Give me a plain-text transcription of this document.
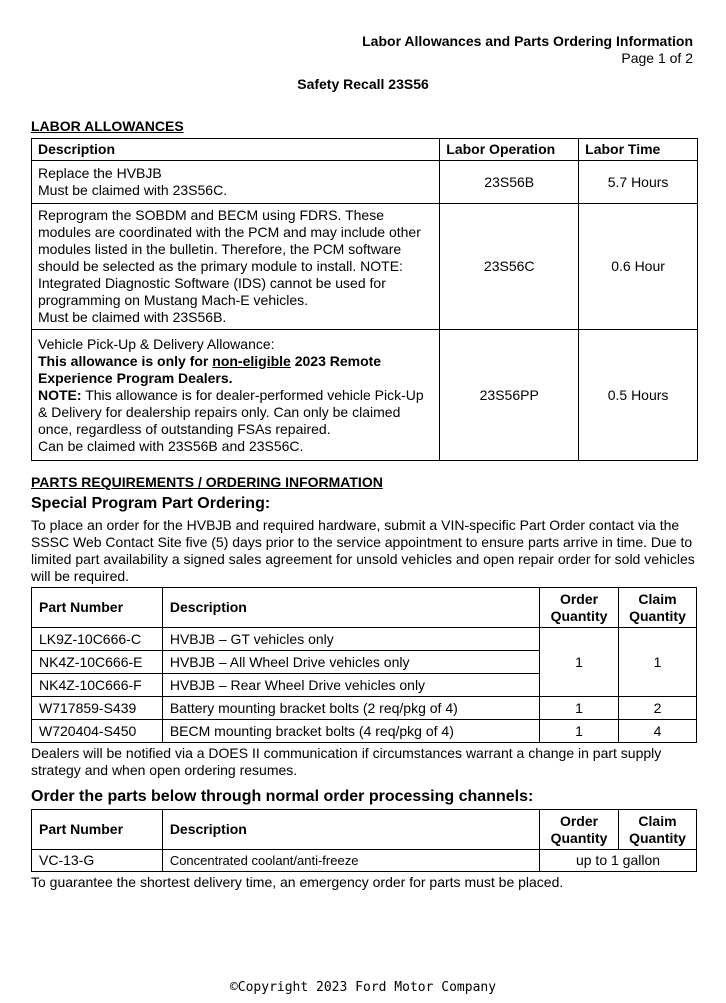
Labor Allowances and Parts Ordering Information
Page 1 of 2
Safety Recall 23S56
LABOR ALLOWANCES
Description	Labor Operation	Labor Time

Replace the HVBJB
Must be claimed with 23S56C.	23S56B	5.7 Hours

Reprogram the SOBDM and BECM using FDRS. These modules are coordinated with the PCM and may include other modules listed in the bulletin. Therefore, the PCM software should be selected as the primary module to install. NOTE: Integrated Diagnostic Software (IDS) cannot be used for programming on Mustang Mach-E vehicles.
Must be claimed with 23S56B.	23S56C	0.6 Hour

Vehicle Pick-Up & Delivery Allowance:
This allowance is only for non-eligible 2023 Remote Experience Program Dealers.
NOTE: This allowance is for dealer-performed vehicle Pick-Up & Delivery for dealership repairs only. Can only be claimed once, regardless of outstanding FSAs repaired.
Can be claimed with 23S56B and 23S56C.	23S56PP	0.5 Hours
PARTS REQUIREMENTS / ORDERING INFORMATION
Special Program Part Ordering:
To place an order for the HVBJB and required hardware, submit a VIN-specific Part Order contact via the SSSC Web Contact Site five (5) days prior to the service appointment to ensure parts arrive in time. Due to limited part availability a signed sales agreement for unsold vehicles and open repair order for sold vehicles will be required.
Part Number	Description	Order Quantity	Claim Quantity
LK9Z-10C666-C	HVBJB – GT vehicles only	1	1
NK4Z-10C666-E	HVBJB – All Wheel Drive vehicles only		
NK4Z-10C666-F	HVBJB – Rear Wheel Drive vehicles only		
W717859-S439	Battery mounting bracket bolts (2 req/pkg of 4)	1	2
W720404-S450	BECM mounting bracket bolts (4 req/pkg of 4)	1	4
Dealers will be notified via a DOES II communication if circumstances warrant a change in part supply strategy and when open ordering resumes.
Order the parts below through normal order processing channels:
Part Number	Description	Order Quantity	Claim Quantity
VC-13-G	Concentrated coolant/anti-freeze	up to 1 gallon	
To guarantee the shortest delivery time, an emergency order for parts must be placed.
©Copyright 2023 Ford Motor Company
